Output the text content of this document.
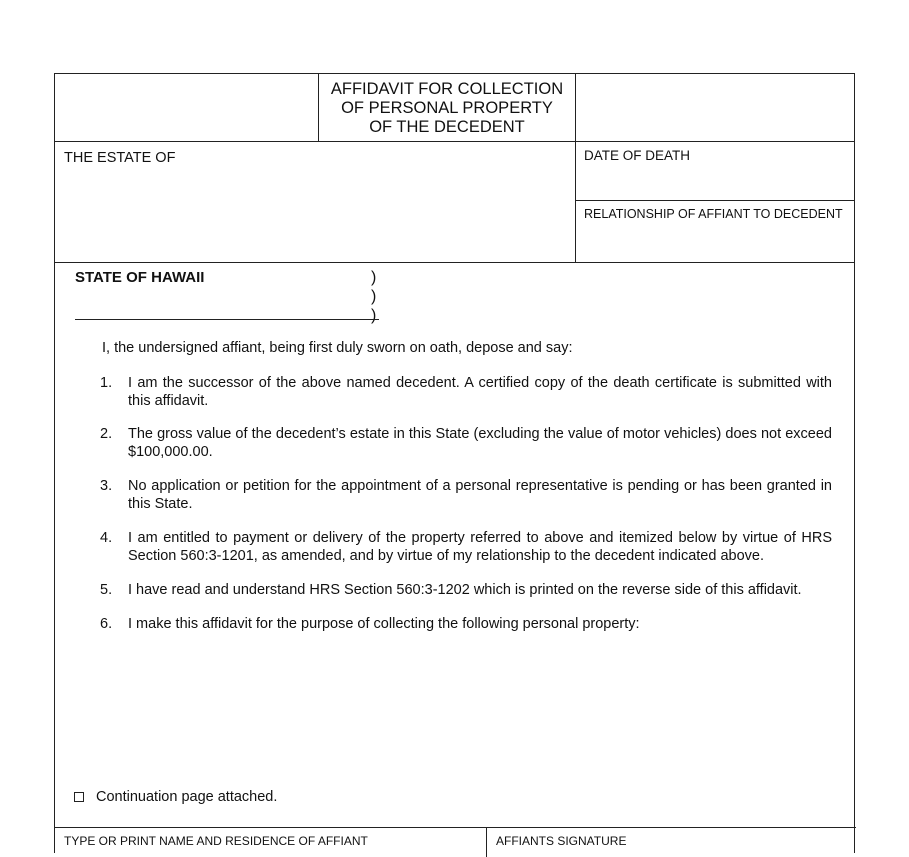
AFFIDAVIT FOR COLLECTION
OF PERSONAL PROPERTY
OF THE DECEDENT
THE ESTATE OF	DATE OF DEATH
RELATIONSHIP OF AFFIANT TO DECEDENT
STATE OF HAWAII	)
)
)
I, the undersigned affiant, being first duly sworn on oath, depose and say:
1.	I am the successor of the above named decedent. A certified copy of the death certificate is submitted with this affidavit.
2.	The gross value of the decedent’s estate in this State (excluding the value of motor vehicles) does not exceed $100,000.00.
3.	No application or petition for the appointment of a personal representative is pending or has been granted in this State.
4.	I am entitled to payment or delivery of the property referred to above and itemized below by virtue of HRS Section 560:3-1201, as amended, and by virtue of my relationship to the decedent indicated above.
5.	I have read and understand HRS Section 560:3-1202 which is printed on the reverse side of this affidavit.
6.	I make this affidavit for the purpose of collecting the following personal property:
Continuation page attached.
TYPE OR PRINT NAME AND RESIDENCE OF AFFIANT	AFFIANTS SIGNATURE
